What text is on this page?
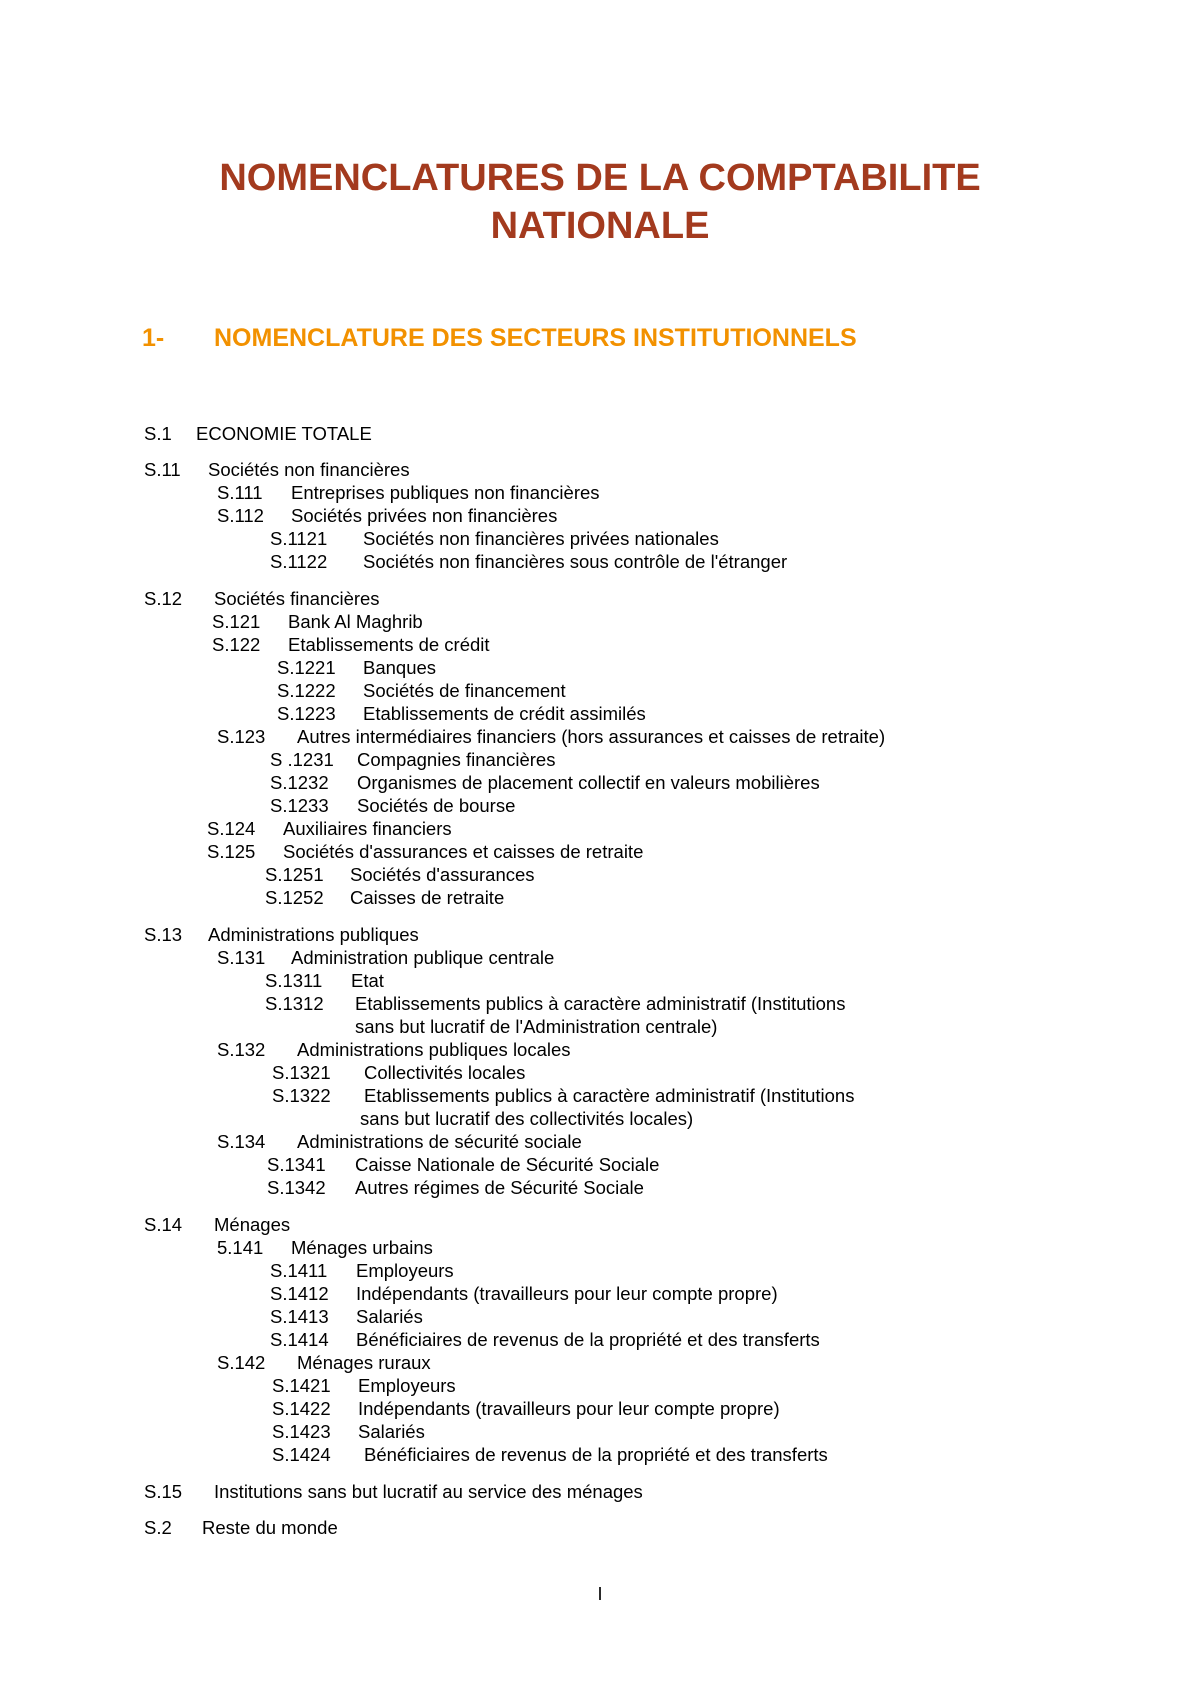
NOMENCLATURES DE LA COMPTABILITE
NATIONALE
1- NOMENCLATURE DES SECTEURS INSTITUTIONNELS
S.1 ECONOMIE TOTALE
S.11 Sociétés non financières
S.111 Entreprises publiques non financières
S.112 Sociétés privées non financières
S.1121 Sociétés non financières privées nationales
S.1122 Sociétés non financières sous contrôle de l'étranger
S.12 Sociétés financières
S.121 Bank Al Maghrib
S.122 Etablissements de crédit
S.1221 Banques
S.1222 Sociétés de financement
S.1223 Etablissements de crédit assimilés
S.123 Autres intermédiaires financiers (hors assurances et caisses de retraite)
S .1231 Compagnies financières
S.1232 Organismes de placement collectif en valeurs mobilières
S.1233 Sociétés de bourse
S.124 Auxiliaires financiers
S.125 Sociétés d'assurances et caisses de retraite
S.1251 Sociétés d'assurances
S.1252 Caisses de retraite
S.13 Administrations publiques
S.131 Administration publique centrale
S.1311 Etat
S.1312 Etablissements publics à caractère administratif (Institutions
sans but lucratif de l'Administration centrale)
S.132 Administrations publiques locales
S.1321 Collectivités locales
S.1322 Etablissements publics à caractère administratif (Institutions
sans but lucratif des collectivités locales)
S.134 Administrations de sécurité sociale
S.1341 Caisse Nationale de Sécurité Sociale
S.1342 Autres régimes de Sécurité Sociale
S.14 Ménages
5.141 Ménages urbains
S.1411 Employeurs
S.1412 Indépendants (travailleurs pour leur compte propre)
S.1413 Salariés
S.1414 Bénéficiaires de revenus de la propriété et des transferts
S.142 Ménages ruraux
S.1421 Employeurs
S.1422 Indépendants (travailleurs pour leur compte propre)
S.1423 Salariés
S.1424 Bénéficiaires de revenus de la propriété et des transferts
S.15 Institutions sans but lucratif au service des ménages
S.2 Reste du monde
I
